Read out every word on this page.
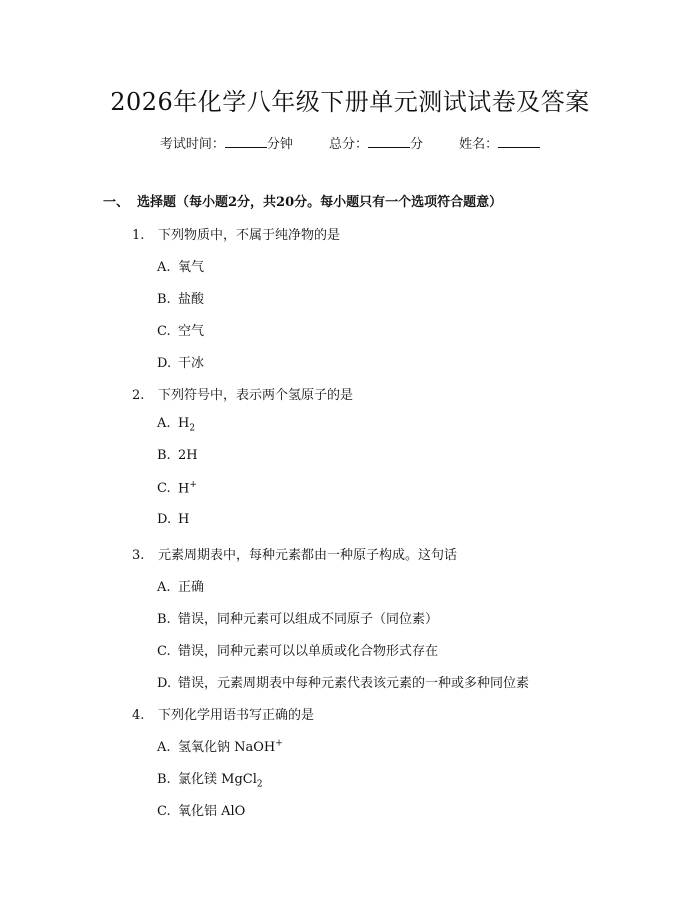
2026年化学八年级下册单元测试试卷及答案
考试时间：	分钟	总分：	分	姓名：
一、 选择题（每小题2分，共20分。每小题只有一个选项符合题意）
1. 下列物质中，不属于纯净物的是
A. 氧气
B. 盐酸
C. 空气
D. 干冰
2. 下列符号中，表示两个氢原子的是
A. $H_2$
B. 2H
C. H+
D. H
3. 元素周期表中，每种元素都由一种原子构成。这句话
A. 正确
B. 错误，同种元素可以组成不同原子（同位素）
C. 错误，同种元素可以以单质或化合物形式存在
D. 错误，元素周期表中每种元素代表该元素的一种或多种同位素
4. 下列化学用语书写正确的是
A. 氢氧化钠 NaOH+
B. 氯化镁 MgCl$_2$
C. 氧化铝 AlO
